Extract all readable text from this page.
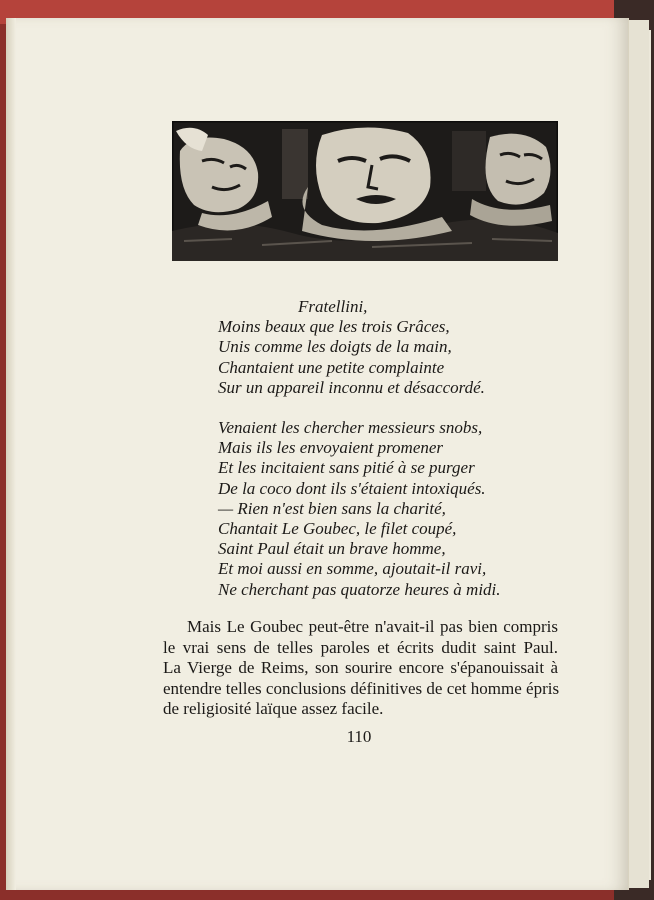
Fratellini,
Moins beaux que les trois Grâces,
Unis comme les doigts de la main,
Chantaient une petite complainte
Sur un appareil inconnu et désaccordé.
Venaient les chercher messieurs snobs,
Mais ils les envoyaient promener
Et les incitaient sans pitié à se purger
De la coco dont ils s'étaient intoxiqués.
— Rien n'est bien sans la charité,
Chantait Le Goubec, le filet coupé,
Saint Paul était un brave homme,
Et moi aussi en somme, ajoutait-il ravi,
Ne cherchant pas quatorze heures à midi.
Mais Le Goubec peut-être n'avait-il pas bien compris
le vrai sens de telles paroles et écrits dudit saint Paul.
La Vierge de Reims, son sourire encore s'épanouissait à
entendre telles conclusions définitives de cet homme épris
de religiosité laïque assez facile.
110
